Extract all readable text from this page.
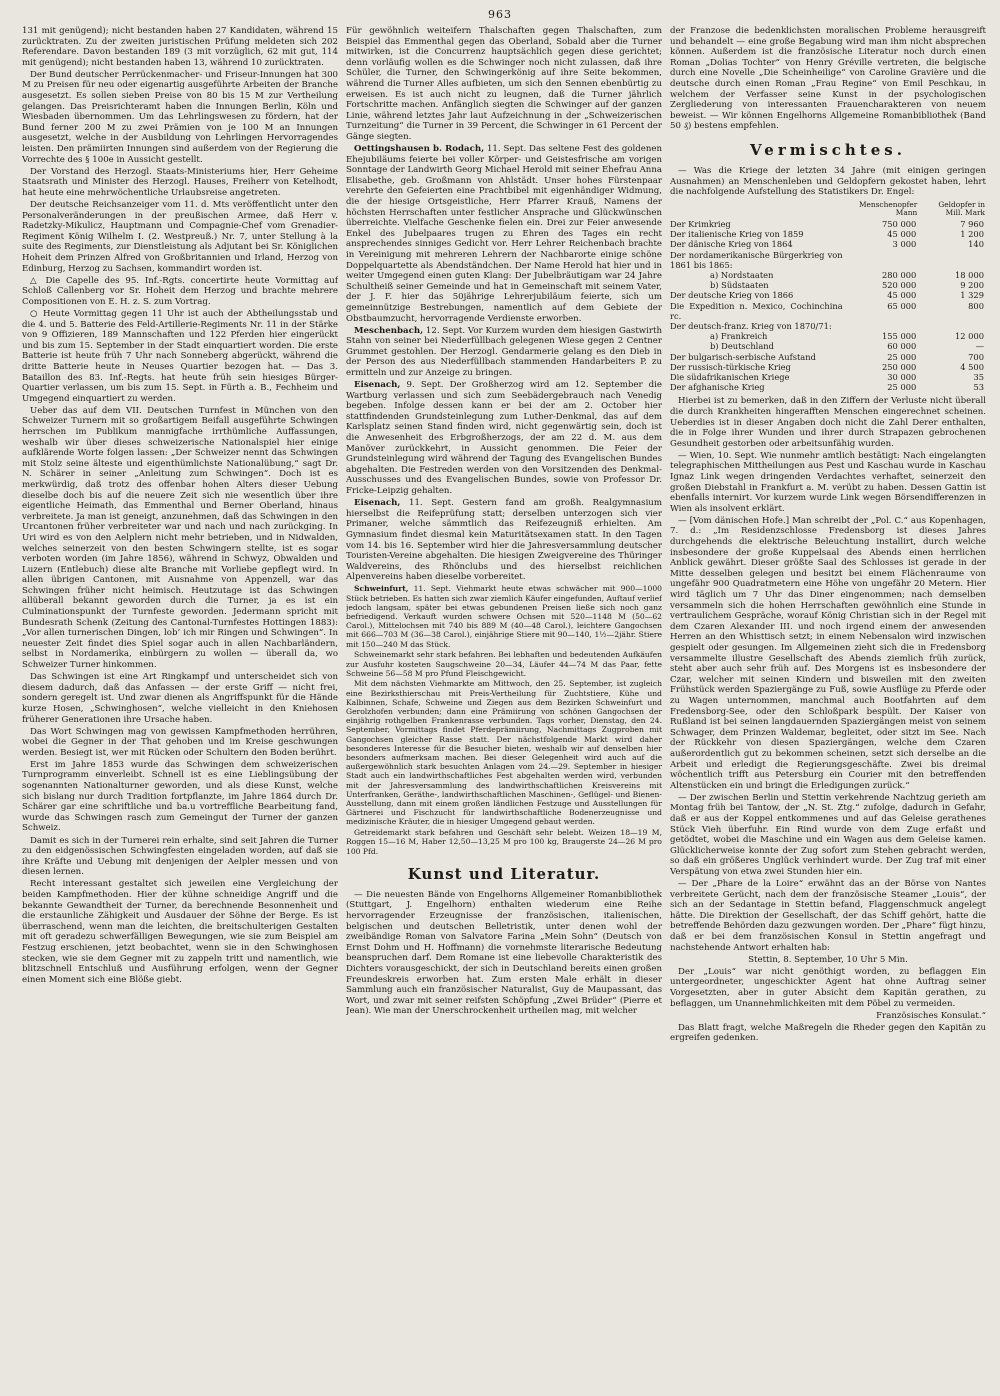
963

131 mit genügend); nicht bestanden haben 27 Kandidaten, während 15 zurücktraten. Zu der zweiten juristischen Prüfung meldeten sich 202 Referendare. Davon bestanden 189 (3 mit vorzüglich, 62 mit gut, 114 mit genügend); nicht bestanden haben 13, während 10 zurücktraten.

Der Bund deutscher Perrückenmacher- und Friseur-Innungen hat 300 M zu Preisen für neu oder eigenartig ausgeführte Arbeiten der Branche ausgesetzt. Es sollen sieben Preise von 80 bis 15 M zur Vertheilung gelangen. Das Preisrichteramt haben die Innungen Berlin, Köln und Wiesbaden übernommen. Um das Lehrlingswesen zu fördern, hat der Bund ferner 200 M zu zwei Prämien von je 100 M an Innungen ausgesetzt, welche in der Ausbildung von Lehrlingen Hervorragendes leisten. Den prämiirten Innungen sind außerdem von der Regierung die Vorrechte des § 100e in Aussicht gestellt.

Der Vorstand des Herzogl. Staats-Ministeriums hier, Herr Geheime Staatsrath und Minister des Herzogl. Hauses, Freiherr von Ketelhodt, hat heute eine mehrwöchentliche Urlaubsreise angetreten.

Der deutsche Reichsanzeiger vom 11. d. Mts veröffentlicht unter den Personalveränderungen in der preußischen Armee, daß Herr v. Radetzky-Mikulicz, Hauptmann und Compagnie-Chef vom Grenadier-Regiment König Wilhelm I. (2. Westpreuß.) Nr. 7, unter Stellung à la suite des Regiments, zur Dienstleistung als Adjutant bei Sr. Königlichen Hoheit dem Prinzen Alfred von Großbritannien und Irland, Herzog von Edinburg, Herzog zu Sachsen, kommandirt worden ist.

△ Die Capelle des 95. Inf.-Rgts. concertirte heute Vormittag auf Schloß Callenberg vor Sr. Hoheit dem Herzog und brachte mehrere Compositionen von E. H. z. S. zum Vortrag.

○ Heute Vormittag gegen 11 Uhr ist auch der Abtheilungsstab und die 4. und 5. Batterie des Feld-Artillerie-Regiments Nr. 11 in der Stärke von 9 Offizieren, 189 Mannschaften und 122 Pferden hier eingerückt und bis zum 15. September in der Stadt einquartiert worden. Die erste Batterie ist heute früh 7 Uhr nach Sonneberg abgerückt, während die dritte Batterie heute in Neuses Quartier bezogen hat. — Das 3. Bataillon des 83. Inf.-Regts. hat heute früh sein hiesiges Bürger-Quartier verlassen, um bis zum 15. Sept. in Fürth a. B., Fechheim und Umgegend einquartiert zu werden.

Ueber das auf dem VII. Deutschen Turnfest in München von den Schweizer Turnern mit so großartigem Beifall ausgeführte Schwingen herrschen im Publikum mannigfache irrthümliche Auffassungen, weshalb wir über dieses schweizerische Nationalspiel hier einige aufklärende Worte folgen lassen: „Der Schweizer nennt das Schwingen mit Stolz seine älteste und eigenthümlichste Nationalübung,“ sagt Dr. N. Schärer in seiner „Anleitung zum Schwingen“. Doch ist es merkwürdig, daß trotz des offenbar hohen Alters dieser Uebung dieselbe doch bis auf die neuere Zeit sich nie wesentlich über ihre eigentliche Heimath, das Emmenthal und Berner Oberland, hinaus verbreitete. Ja man ist geneigt, anzunehmen, daß das Schwingen in den Urcantonen früher verbreiteter war und nach und nach zurückging. In Uri wird es von den Aelplern nicht mehr betrieben, und in Nidwalden, welches seinerzeit von den besten Schwingern stellte, ist es sogar verboten worden (im Jahre 1856), während in Schwyz, Obwalden und Luzern (Entlebuch) diese alte Branche mit Vorliebe gepflegt wird. In allen übrigen Cantonen, mit Ausnahme von Appenzell, war das Schwingen früher nicht heimisch. Heutzutage ist das Schwingen allüberall bekannt geworden durch die Turner, ja es ist ein Culminationspunkt der Turnfeste geworden. Jedermann spricht mit Bundesrath Schenk (Zeitung des Cantonal-Turnfestes Hottingen 1883): „Vor allen turnerischen Dingen, lob’ ich mir Ringen und Schwingen“. In neuester Zeit findet dies Spiel sogar auch in allen Nachbarländern, selbst in Nordamerika, einbürgern zu wollen — überall da, wo Schweizer Turner hinkommen.

Das Schwingen ist eine Art Ringkampf und unterscheidet sich von diesem dadurch, daß das Anfassen — der erste Griff — nicht frei, sondern geregelt ist. Und zwar dienen als Angriffspunkt für die Hände kurze Hosen, „Schwinghosen“, welche vielleicht in den Kniehosen früherer Generationen ihre Ursache haben.

Das Wort Schwingen mag von gewissen Kampfmethoden herrühren, wobei die Gegner in der That gehoben und im Kreise geschwungen werden. Besiegt ist, wer mit Rücken oder Schultern den Boden berührt.

Erst im Jahre 1853 wurde das Schwingen dem schweizerischen Turnprogramm einverleibt. Schnell ist es eine Lieblingsübung der sogenannten Nationalturner geworden, und als diese Kunst, welche sich bislang nur durch Tradition fortpflanzte, im Jahre 1864 durch Dr. Schärer gar eine schriftliche und ba.u vortreffliche Bearbeitung fand, wurde das Schwingen rasch zum Gemeingut der Turner der ganzen Schweiz.

Damit es sich in der Turnerei rein erhalte, sind seit Jahren die Turner zu den eidgenössischen Schwingfesten eingeladen worden, auf daß sie ihre Kräfte und Uebung mit denjenigen der Aelpler messen und von diesen lernen.

Recht interessant gestaltet sich jeweilen eine Vergleichung der beiden Kampfmethoden. Hier der kühne schneidige Angriff und die bekannte Gewandtheit der Turner, da berechnende Besonnenheit und die erstaunliche Zähigkeit und Ausdauer der Söhne der Berge. Es ist überraschend, wenn man die leichten, die breitschulterigen Gestalten mit oft geradezu schwerfälligen Bewegungen, wie sie zum Beispiel am Festzug erschienen, jetzt beobachtet, wenn sie in den Schwinghosen stecken, wie sie dem Gegner mit zu zappeln tritt und namentlich, wie blitzschnell Entschluß und Ausführung erfolgen, wenn der Gegner einen Moment sich eine Blöße giebt.

Für gewöhnlich weiteifern Thalschaften gegen Thalschaften, zum Beispiel das Emmenthal gegen das Oberland, Sobald aber die Turner mitwirken, ist die Concurrenz hauptsächlich gegen diese gerichtet; denn vorläufig wollen es die Schwinger noch nicht zulassen, daß ihre Schüler, die Turner, den Schwingerkönig auf ihre Seite bekommen, während die Turner Alles aufbieten, um sich den Sennen ebenbürtig zu erweisen. Es ist auch nicht zu leugnen, daß die Turner jährlich Fortschritte machen. Anfänglich siegten die Schwinger auf der ganzen Linie, während letztes Jahr laut Aufzeichnung in der „Schweizerischen Turnzeitung“ die Turner in 39 Percent, die Schwinger in 61 Percent der Gänge siegten.

Oettingshausen b. Rodach, 11. Sept. Das seltene Fest des goldenen Ehejubiläums feierte bei voller Körper- und Geistesfrische am vorigen Sonntage der Landwirth Georg Michael Herold mit seiner Ehefrau Anna Elisabethe, geb. Großmann von Ahlstädt. Unser hohes Fürstenpaar verehrte den Gefeierten eine Prachtbibel mit eigenhändiger Widmung, die der hiesige Ortsgeistliche, Herr Pfarrer Krauß, Namens der höchsten Herrschaften unter festlicher Ansprache und Glückwünschen überreichte. Vielfache Geschenke fielen ein. Drei zur Feier anwesende Enkel des Jubelpaares trugen zu Ehren des Tages ein recht ansprechendes sinniges Gedicht vor. Herr Lehrer Reichenbach brachte in Vereinigung mit mehreren Lehrern der Nachbarorte einige schöne Doppelquartette als Abendständchen. Der Name Herold hat hier und in weiter Umgegend einen guten Klang: Der Jubelbräutigam war 24 Jahre Schultheiß seiner Gemeinde und hat in Gemeinschaft mit seinem Vater, der J. F. hier das 50jährige Lehrerjubiläum feierte, sich um gemeinnützige Bestrebungen, namentlich auf dem Gebiete der Obstbaumzucht, hervorragende Verdienste erworben.

Meschenbach, 12. Sept. Vor Kurzem wurden dem hiesigen Gastwirth Stahn von seiner bei Niederfüllbach gelegenen Wiese gegen 2 Centner Grummet gestohlen. Der Herzogl. Gendarmerie gelang es den Dieb in der Person des aus Niederfüllbach stammenden Handarbeiters P. zu ermitteln und zur Anzeige zu bringen.

Eisenach, 9. Sept. Der Großherzog wird am 12. September die Wartburg verlassen und sich zum Seebädergebrauch nach Venedig begeben. Infolge dessen kann er bei der am 2. October hier stattfindenden Grundsteinlegung zum Luther-Denkmal, das auf dem Karlsplatz seinen Stand finden wird, nicht gegenwärtig sein, doch ist die Anwesenheit des Erbgroßherzogs, der am 22 d. M. aus dem Manöver zurückkehrt, in Aussicht genommen. Die Feier der Grundsteinlegung wird während der Tagung des Evangelischen Bundes abgehalten. Die Festreden werden von den Vorsitzenden des Denkmal-Ausschusses und des Evangelischen Bundes, sowie von Professor Dr. Fricke-Leipzig gehalten.

Eisenach, 11. Sept. Gestern fand am großh. Realgymnasium hierselbst die Reifeprüfung statt; derselben unterzogen sich vier Primaner, welche sämmtlich das Reifezeugniß erhielten. Am Gymnasium findet diesmal kein Maturitätsexamen statt. In den Tagen vom 14. bis 16. September wird hier die Jahresversammlung deutscher Touristen-Vereine abgehalten. Die hiesigen Zweigvereine des Thüringer Waldvereins, des Rhönclubs und des hierselbst reichlichen Alpenvereins haben dieselbe vorbereitet.

Schweinfurt, 11. Sept. Viehmarkt heute etwas schwächer mit 900—1000 Stück betrieben. Es hatten sich zwar ziemlich Käufer eingefunden, Auftauf verlief jedoch langsam, später bei etwas gebundenen Preisen ließe sich noch ganz befriedigend. Verkauft wurden schwere Ochsen mit 520—1148 M (50—62 Carol.), Mittelochsen mit 740 bis 889 M (40—48 Carol.), leichtere Gangochsen mit 666—703 M (36—38 Carol.), einjährige Stiere mit 90—140, 1½—2jähr. Stiere mit 150—240 M das Stück.

Schweinemarkt sehr stark befahren. Bei lebhaften und bedeutenden Aufkäufen zur Ausfuhr kosteten Saugschweine 20—34, Läufer 44—74 M das Paar, fette Schweine 56—58 M pro Pfund Fleischgewicht.

Mit dem nächsten Viehmarkte am Mittwoch, den 25. September, ist zugleich eine Bezirksthierschau mit Preis-Vertheilung für Zuchtstiere, Kühe und Kalbinnen, Schafe, Schweine und Ziegen aus dem Bezirken Schweinfurt und Gerolzhofen verbunden; dann eine Prämiirung von schönen Gangochsen der einjährig rothgelben Frankenrasse verbunden. Tags vorher, Dienstag, den 24. September, Vormittags findet Pferdeprämiirung, Nachmittags Zugproben mit Gangochsen gleicher Rasse statt. Der nächstfolgende Markt wird daher besonderes Interesse für die Besucher bieten, weshalb wir auf denselben hier besonders aufmerksam machen. Bei dieser Gelegenheit wird auch auf die außergewöhnlich stark besuchten Anlagen vom 24.—29. September in hiesiger Stadt auch ein landwirthschaftliches Fest abgehalten werden wird, verbunden mit der Jahresversammlung des landwirthschaftlichen Kreisvereins mit Unterfranken, Geräthe-, landwirthschaftlichen Maschinen-, Geflügel- und Bienen-Ausstellung, dann mit einem großen ländlichen Festzuge und Ausstellungen für Gärtnerei und Fischzucht für landwirthschaftliche Bodenerzeugnisse und medizinische Kräuter, die in hiesiger Umgegend gebaut werden.

Getreidemarkt stark befahren und Geschäft sehr belebt. Weizen 18—19 M, Roggen 15—16 M, Haber 12,50—13,25 M pro 100 kg, Braugerste 24—26 M pro 100 Pfd.

Kunst und Literatur.

— Die neuesten Bände von Engelhorns Allgemeiner Romanbibliothek (Stuttgart, J. Engelhorn) enthalten wiederum eine Reihe hervorragender Erzeugnisse der französischen, italienischen, belgischen und deutschen Belletristik, unter denen wohl der zweibändige Roman von Salvatore Farina „Mein Sohn“ (Deutsch von Ernst Dohm und H. Hoffmann) die vornehmste literarische Bedeutung beanspruchen darf. Dem Romane ist eine liebevolle Charakteristik des Dichters vorausgeschickt, der sich in Deutschland bereits einen großen Freundeskreis erworben hat. Zum ersten Male erhält in dieser Sammlung auch ein französischer Naturalist, Guy de Maupassant, das Wort, und zwar mit seiner reifsten Schöpfung „Zwei Brüder“ (Pierre et Jean). Wie man der Unerschrockenheit urtheilen mag, mit welcher

der Franzose die bedenklichsten moralischen Probleme herausgreift und behandelt — eine große Begabung wird man ihm nicht absprechen können. Außerdem ist die französische Literatur noch durch einen Roman „Dolias Tochter“ von Henry Gréville vertreten, die belgische durch eine Novelle „Die Scheinheilige“ von Caroline Gravière und die deutsche durch einen Roman „Frau Regine“ von Emil Peschkau, in welchem der Verfasser seine Kunst in der psychologischen Zergliederung von interessanten Frauencharakteren von neuem beweist. — Wir können Engelhorns Allgemeine Romanbibliothek (Band 50 ₰) bestens empfehlen.

Vermischtes.

— Was die Kriege der letzten 34 Jahre (mit einigen geringen Ausnahmen) an Menschenleben und Geldopfern gekostet haben, lehrt die nachfolgende Aufstellung des Statistikers Dr. Engel:

	Menschenopfer Mann	Geldopfer in Mill. Mark
Der Krimkrieg	750 000	7 960
Der italienische Krieg von 1859	45 000	1 200
Der dänische Krieg von 1864	3 000	140
Der nordamerikanische Bürgerkrieg von 1861 bis 1865:		
a) Nordstaaten	280 000	18 000
b) Südstaaten	520 000	9 200
Der deutsche Krieg von 1866	45 000	1 329
Die Expedition n. Mexico, Cochinchina rc.	65 000	800
Der deutsch-franz. Krieg von 1870/71:		
a) Frankreich	155 000	12 000
b) Deutschland	60 000	—
Der bulgarisch-serbische Aufstand	25 000	700
Der russisch-türkische Krieg	250 000	4 500
Die südafrikanischen Kriege	30 000	35
Der afghanische Krieg	25 000	53

Hierbei ist zu bemerken, daß in den Ziffern der Verluste nicht überall die durch Krankheiten hingerafften Menschen eingerechnet scheinen. Ueberdies ist in dieser Angaben doch nicht die Zahl Derer enthalten, die in Folge ihrer Wunden und ihrer durch Strapazen gebrochenen Gesundheit gestorben oder arbeitsunfähig wurden.

— Wien, 10. Sept. Wie nunmehr amtlich bestätigt: Nach eingelangten telegraphischen Mittheilungen aus Pest und Kaschau wurde in Kaschau Ignaz Link wegen dringenden Verdachtes verhaftet, seinerzeit den großen Diebstahl in Frankfurt a. M. verübt zu haben. Dessen Gattin ist ebenfalls internirt. Vor kurzem wurde Link wegen Börsendifferenzen in Wien als insolvent erklärt.

— [Vom dänischen Hofe.] Man schreibt der „Pol. C.“ aus Kopenhagen, 7. d.: „Im Residenzschlosse Fredensborg ist dieses Jahres durchgehends die elektrische Beleuchtung installirt, durch welche insbesondere der große Kuppelsaal des Abends einen herrlichen Anblick gewährt. Dieser größte Saal des Schlosses ist gerade in der Mitte desselben gelegen und besitzt bei einem Flächenraume von ungefähr 900 Quadratmetern eine Höhe von ungefähr 20 Metern. Hier wird täglich um 7 Uhr das Diner eingenommen; nach demselben versammeln sich die hohen Herrschaften gewöhnlich eine Stunde in vertraulichem Gespräche, worauf König Christian sich in der Regel mit dem Czaren Alexander III. und noch irgend einem der anwesenden Herren an den Whisttisch setzt; in einem Nebensalon wird inzwischen gespielt oder gesungen. Im Allgemeinen zieht sich die in Fredensborg versammelte illustre Gesellschaft des Abends ziemlich früh zurück, steht aber auch sehr früh auf. Des Morgens ist es insbesondere der Czar, welcher mit seinen Kindern und bisweilen mit den zweiten Frühstück werden Spaziergänge zu Fuß, sowie Ausflüge zu Pferde oder zu Wagen unternommen, manchmal auch Bootfahrten auf dem Fredensborg-See, oder den Schloßpark bespült. Der Kaiser von Rußland ist bei seinen langdauernden Spaziergängen meist von seinem Schwager, dem Prinzen Waldemar, begleitet, oder sitzt im See. Nach der Rückkehr von diesen Spaziergängen, welche dem Czaren außerordentlich gut zu bekommen scheinen, setzt sich derselbe an die Arbeit und erledigt die Regierungsgeschäfte. Zwei bis dreimal wöchentlich trifft aus Petersburg ein Courier mit den betreffenden Altenstücken ein und bringt die Erledigungen zurück.“

— Der zwischen Berlin und Stettin verkehrende Nachtzug gerieth am Montag früh bei Tantow, der „N. St. Ztg.“ zufolge, dadurch in Gefahr, daß er aus der Koppel entkommenes und auf das Geleise gerathenes Stück Vieh überfuhr. Ein Rind wurde von dem Zuge erfaßt und getödtet, wobei die Maschine und ein Wagen aus dem Geleise kamen. Glücklicherweise konnte der Zug sofort zum Stehen gebracht werden, so daß ein größeres Unglück verhindert wurde. Der Zug traf mit einer Verspätung von etwa zwei Stunden hier ein.

— Der „Phare de la Loire“ erwähnt das an der Börse von Nantes verbreitete Gerücht, nach dem der französische Steamer „Louis“, der sich an der Sedantage in Stettin befand, Flaggenschmuck angelegt hätte. Die Direktion der Gesellschaft, der das Schiff gehört, hatte die betreffende Behörden dazu gezwungen worden. Der „Phare“ fügt hinzu, daß er bei dem französischen Konsul in Stettin angefragt und nachstehende Antwort erhalten hab:

Stettin, 8. September, 10 Uhr 5 Min.

Der „Louis“ war nicht genöthigt worden, zu beflaggen Ein untergeordneter, ungeschickter Agent hat ohne Auftrag seiner Vorgesetzten, aber in guter Absicht dem Kapitän gerathen, zu beflaggen, um Unannehmlichkeiten mit dem Pöbel zu vermeiden.

Französisches Konsulat.“

Das Blatt fragt, welche Maßregeln die Rheder gegen den Kapitän zu ergreifen gedenken.
